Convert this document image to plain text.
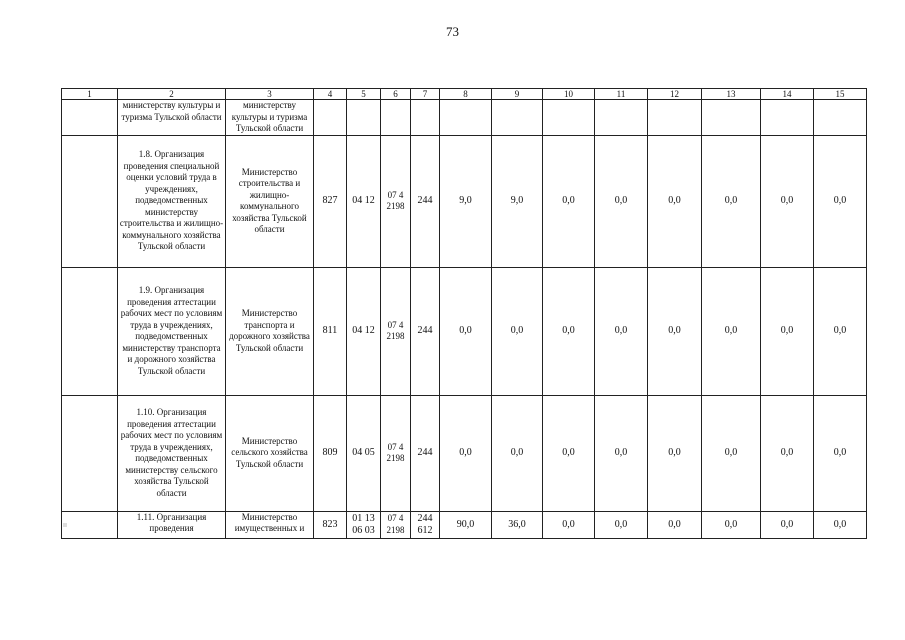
73
1	2	3	4	5	6	7	8	9	10	11	12	13	14	15
	министерству культуры и туризма Тульской области	министерству культуры и туризма Тульской области												
	1.8. Организация проведения специальной оценки условий труда в учреждениях, подведомственных министерству строительства и жилищно-коммунального хозяйства Тульской области	Министерство строительства и жилищно-коммунального хозяйства Тульской области	827	04 12	07 4 2198	244	9,0	9,0	0,0	0,0	0,0	0,0	0,0	0,0
	1.9. Организация проведения аттестации рабочих мест по условиям труда в учреждениях, подведомственных министерству транспорта и дорожного хозяйства Тульской области	Министерство транспорта и дорожного хозяйства Тульской области	811	04 12	07 4 2198	244	0,0	0,0	0,0	0,0	0,0	0,0	0,0	0,0
	1.10. Организация проведения аттестации рабочих мест по условиям труда в учреждениях, подведомственных министерству сельского хозяйства Тульской области	Министерство сельского хозяйства Тульской области	809	04 05	07 4 2198	244	0,0	0,0	0,0	0,0	0,0	0,0	0,0	0,0

	1.11. Организация проведения	Министерство имущественных и	823	01 13 06 03	07 4 2198	244 612	90,0	36,0	0,0	0,0	0,0	0,0	0,0	0,0
